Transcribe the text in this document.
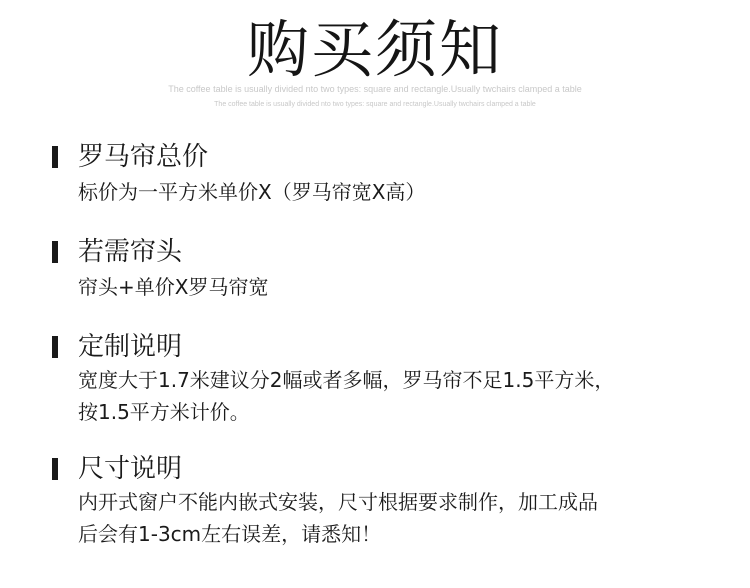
购买须知
The coffee table is usually divided nto two types: square and rectangle.Usually twchairs clamped a table
The coffee table is usually divided nto two types: square and rectangle.Usually twchairs clamped a table
罗马帘总价
标价为一平方米单价X（罗马帘宽X高）
若需帘头
帘头+单价X罗马帘宽
定制说明
宽度大于1.7米建议分2幅或者多幅，罗马帘不足1.5平方米，
按1.5平方米计价。
尺寸说明
内开式窗户不能内嵌式安装，尺寸根据要求制作，加工成品
后会有1-3cm左右误差，请悉知！
